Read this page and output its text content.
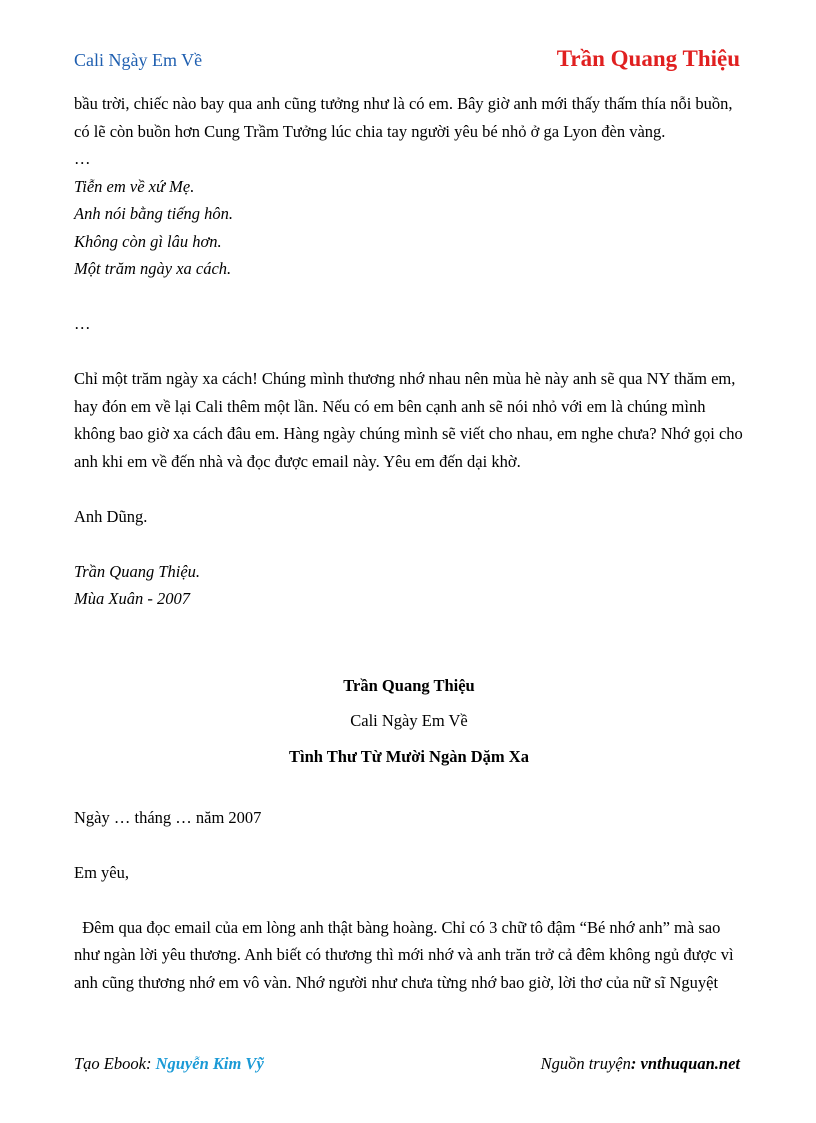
Cali Ngày Em Về	Trần Quang Thiệu

bầu trời, chiếc nào bay qua anh cũng tưởng như là có em. Bây giờ anh mới thấy thấm thía nỗi buồn,

có lẽ còn buồn hơn Cung Trầm Tưởng lúc chia tay người yêu bé nhỏ ở ga Lyon đèn vàng.

…

Tiễn em về xứ Mẹ.

Anh nói bằng tiếng hôn.

Không còn gì lâu hơn.

Một trăm ngày xa cách.

…

Chỉ một trăm ngày xa cách! Chúng mình thương nhớ nhau nên mùa hè này anh sẽ qua NY thăm em,

hay đón em về lại Cali thêm một lần. Nếu có em bên cạnh anh sẽ nói nhỏ với em là chúng mình

không bao giờ xa cách đâu em. Hàng ngày chúng mình sẽ viết cho nhau, em nghe chưa? Nhớ gọi cho

anh khi em về đến nhà và đọc được email này. Yêu em đến dại khờ.

Anh Dũng.

Trần Quang Thiệu.

Mùa Xuân - 2007

Trần Quang Thiệu

Cali Ngày Em Về

Tình Thư Từ Mười Ngàn Dặm Xa

Ngày … tháng … năm 2007

Em yêu,

Đêm qua đọc email của em lòng anh thật bàng hoàng. Chỉ có 3 chữ tô đậm “Bé nhớ anh” mà sao

như ngàn lời yêu thương. Anh biết có thương thì mới nhớ và anh trăn trở cả đêm không ngủ được vì

anh cũng thương nhớ em vô vàn. Nhớ người như chưa từng nhớ bao giờ, lời thơ của nữ sĩ Nguyệt

Tạo Ebook: Nguyễn Kim Vỹ	Nguồn truyện: vnthuquan.net
